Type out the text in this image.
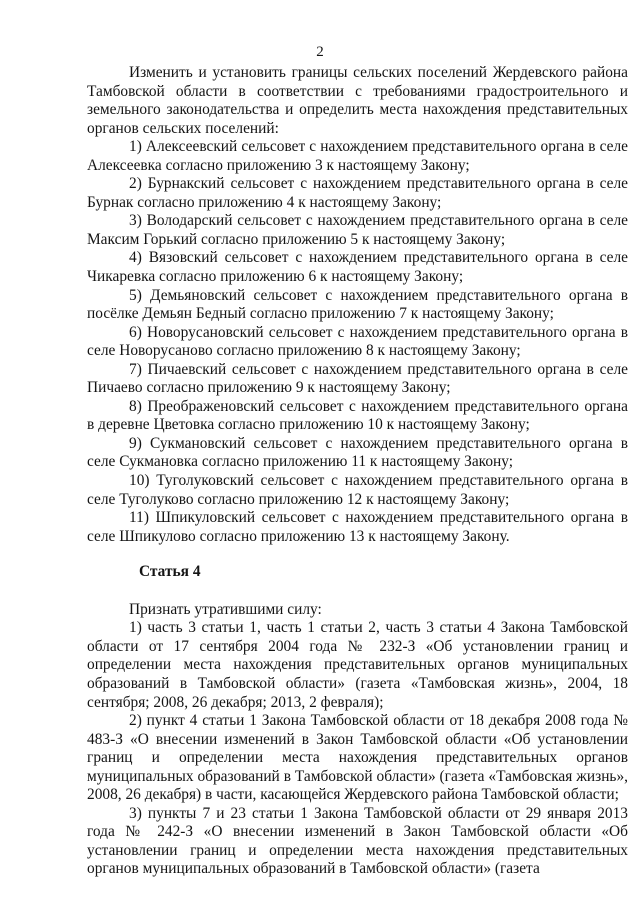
2

Изменить и установить границы сельских поселений Жердевского района Тамбовской области в соответствии с требованиями градостроительного и земельного законодательства и определить места нахождения представительных органов сельских поселений:

1) Алексеевский сельсовет с нахождением представительного органа в селе Алексеевка согласно приложению 3 к настоящему Закону;

2) Бурнакский сельсовет с нахождением представительного органа в селе Бурнак согласно приложению 4 к настоящему Закону;

3) Володарский сельсовет с нахождением представительного органа в селе Максим Горький согласно приложению 5 к настоящему Закону;

4) Вязовский сельсовет с нахождением представительного органа в селе Чикаревка согласно приложению 6 к настоящему Закону;

5) Демьяновский сельсовет с нахождением представительного органа в посёлке Демьян Бедный согласно приложению 7 к настоящему Закону;

6) Новорусановский сельсовет с нахождением представительного органа в селе Новорусаново согласно приложению 8 к настоящему Закону;

7) Пичаевский сельсовет с нахождением представительного органа в селе Пичаево согласно приложению 9 к настоящему Закону;

8) Преображеновский сельсовет с нахождением представительного органа в деревне Цветовка согласно приложению 10 к настоящему Закону;

9) Сукмановский сельсовет с нахождением представительного органа в селе Сукмановка согласно приложению 11 к настоящему Закону;

10) Туголуковский сельсовет с нахождением представительного органа в селе Туголуково согласно приложению 12 к настоящему Закону;

11) Шпикуловский сельсовет с нахождением представительного органа в селе Шпикулово согласно приложению 13 к настоящему Закону.

Статья 4

Признать утратившими силу:

1) часть 3 статьи 1, часть 1 статьи 2, часть 3 статьи 4 Закона Тамбовской области от 17 сентября 2004 года № 232-З «Об установлении границ и определении места нахождения представительных органов муниципальных образований в Тамбовской области» (газета «Тамбовская жизнь», 2004, 18 сентября; 2008, 26 декабря; 2013, 2 февраля);

2) пункт 4 статьи 1 Закона Тамбовской области от 18 декабря 2008 года № 483-З «О внесении изменений в Закон Тамбовской области «Об установлении границ и определении места нахождения представительных органов муниципальных образований в Тамбовской области» (газета «Тамбовская жизнь», 2008, 26 декабря) в части, касающейся Жердевского района Тамбовской области;

3) пункты 7 и 23 статьи 1 Закона Тамбовской области от 29 января 2013 года № 242-З «О внесении изменений в Закон Тамбовской области «Об установлении границ и определении места нахождения представительных органов муниципальных образований в Тамбовской области» (газета
